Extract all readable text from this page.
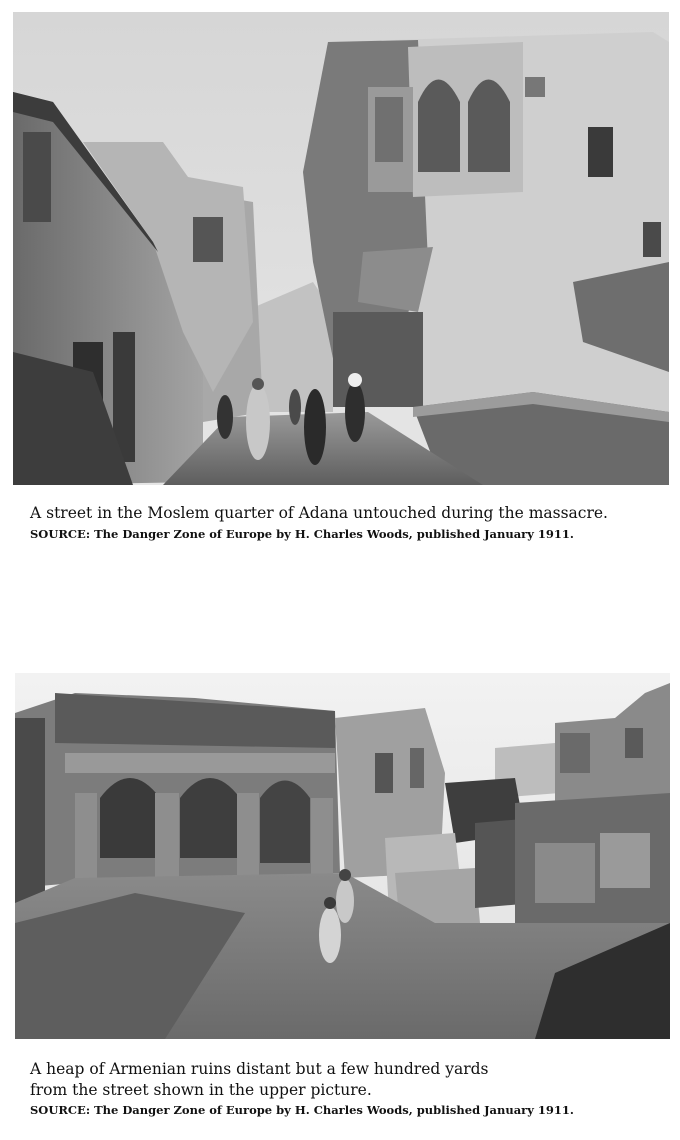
A street in the Moslem quarter of Adana untouched during the massacre.

SOURCE: The Danger Zone of Europe by H. Charles Woods, published January 1911.

A heap of Armenian ruins distant but a few hundred yards

from the street shown in the upper picture.

SOURCE: The Danger Zone of Europe by H. Charles Woods, published January 1911.
